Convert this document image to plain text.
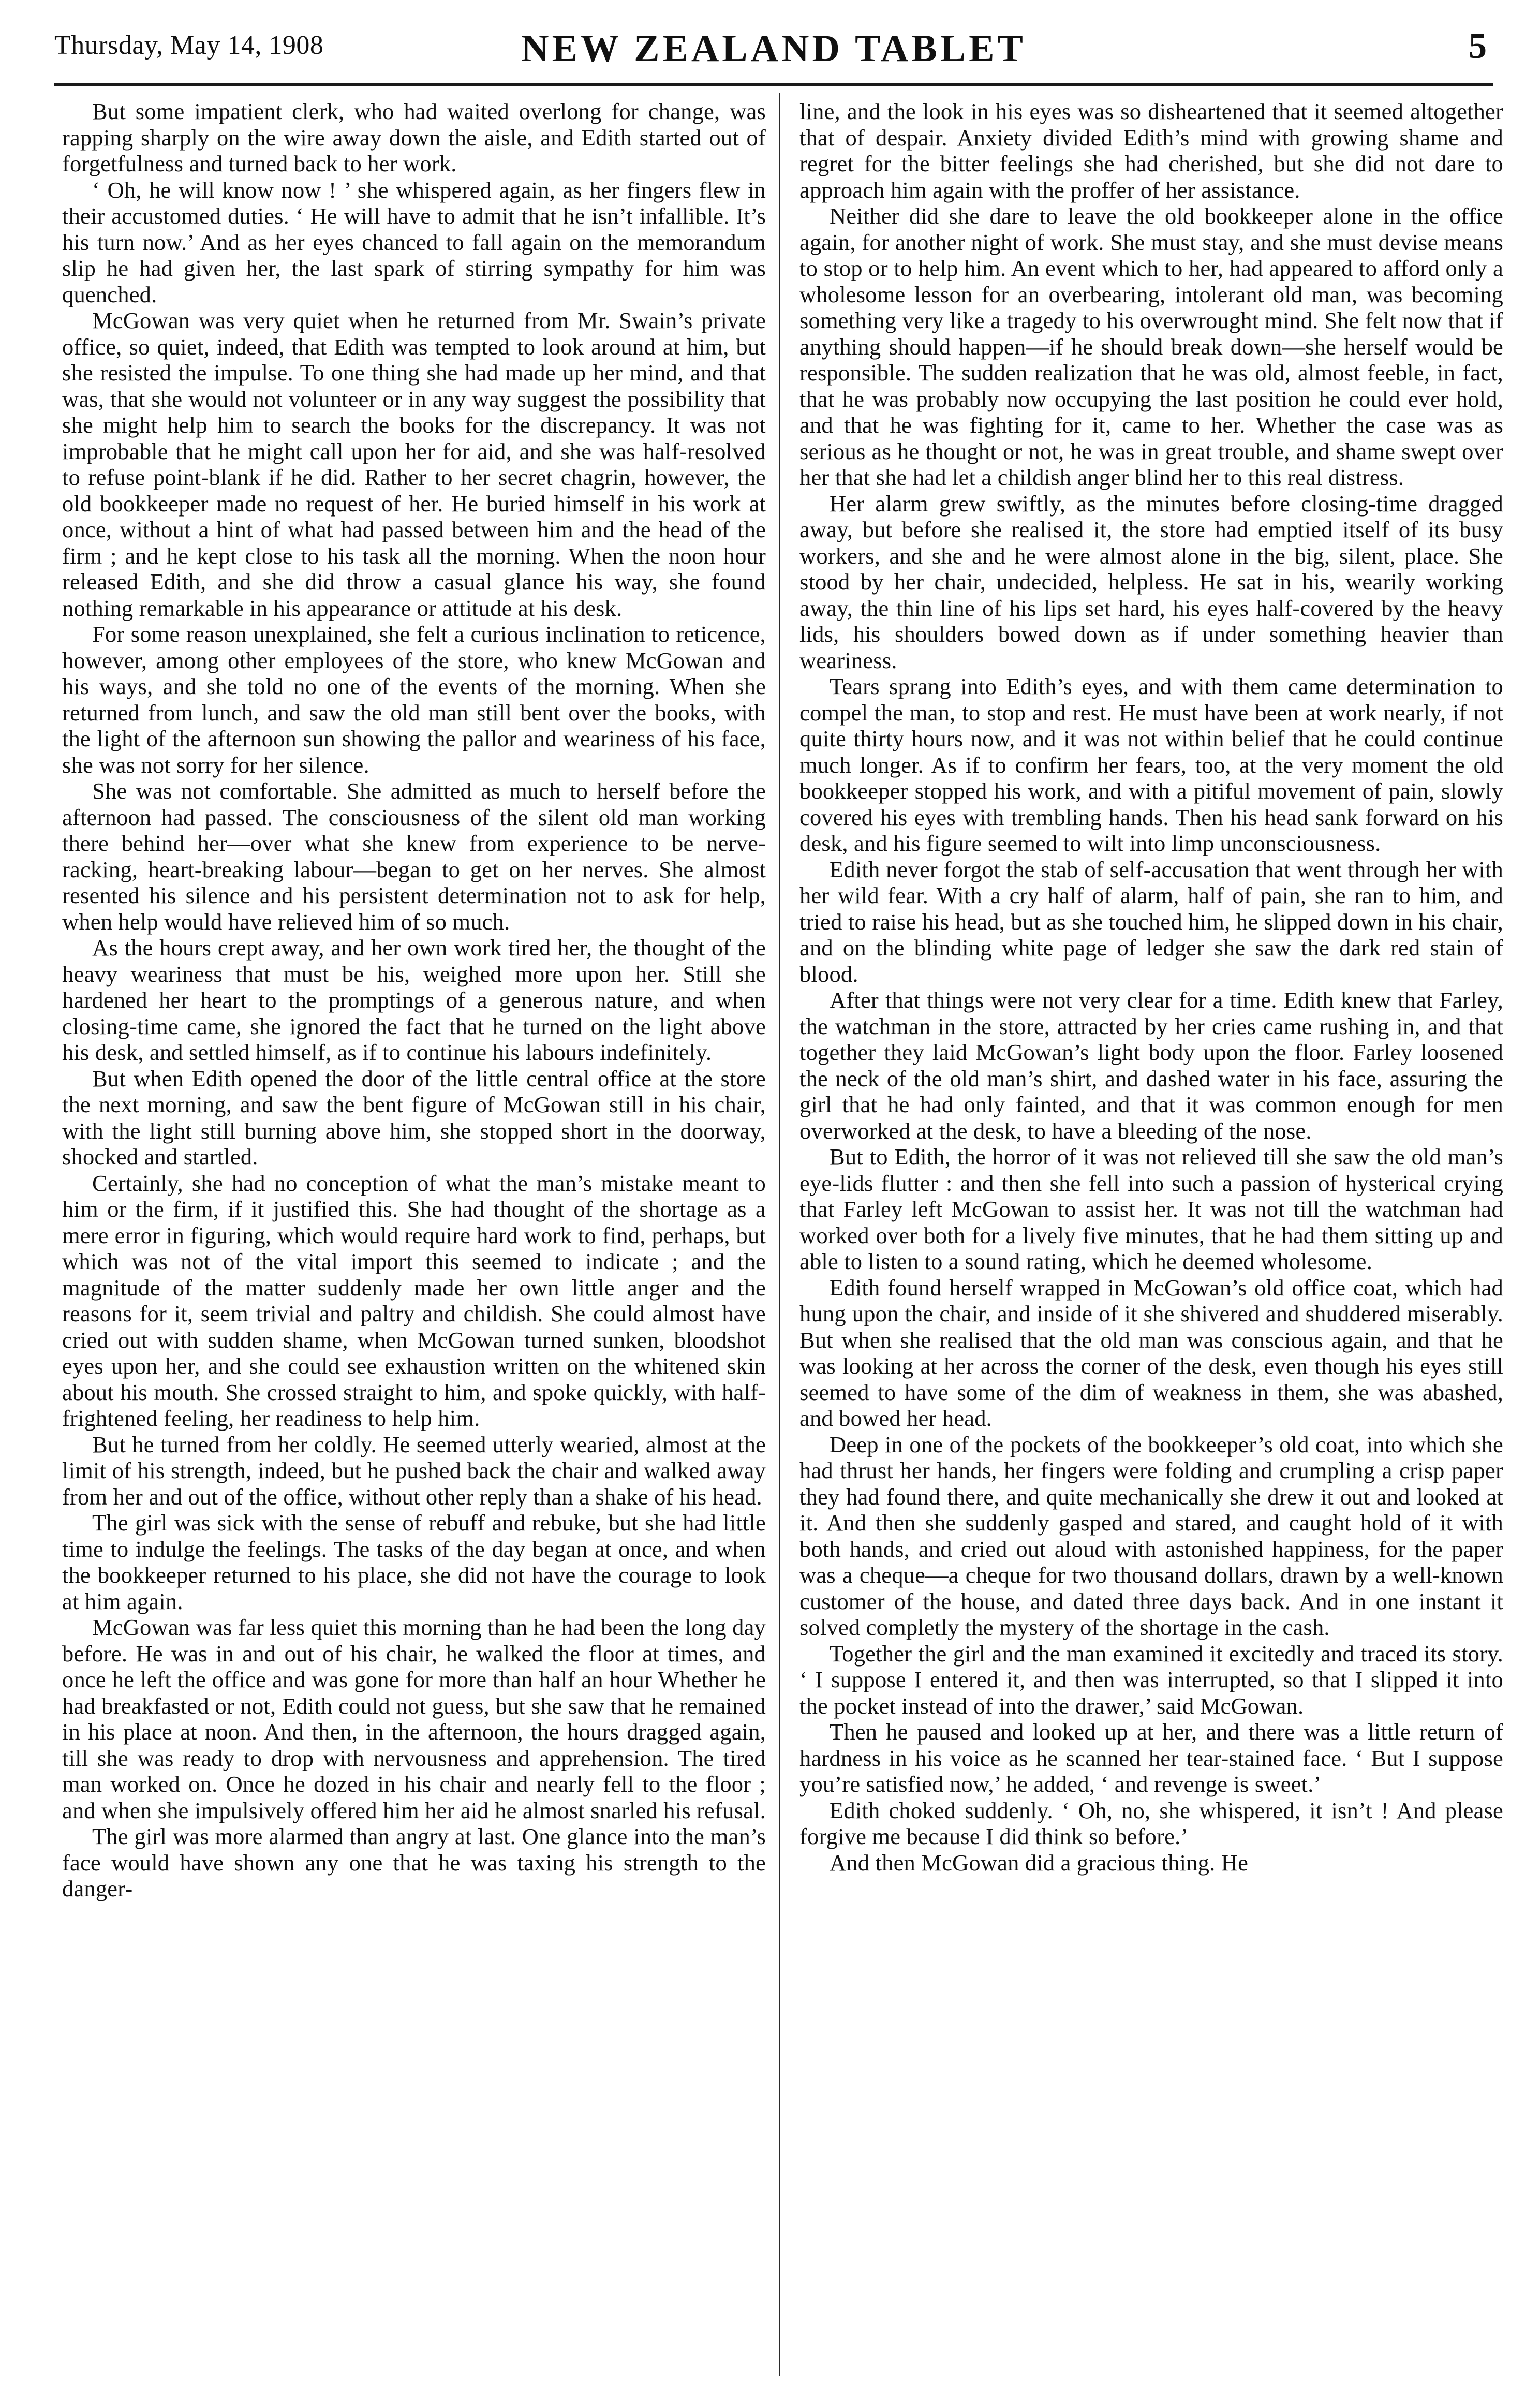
Thursday, May 14, 1908	NEW ZEALAND TABLET	5

But some impatient clerk, who had waited overlong for change, was rapping sharply on the wire away down the aisle, and Edith started out of forgetfulness and turned back to her work.

‘ Oh, he will know now ! ’ she whispered again, as her fingers flew in their accustomed duties. ‘ He will have to admit that he isn’t infallible. It’s his turn now.’ And as her eyes chanced to fall again on the memorandum slip he had given her, the last spark of stirring sympathy for him was quenched.

McGowan was very quiet when he returned from Mr. Swain’s private office, so quiet, indeed, that Edith was tempted to look around at him, but she resisted the impulse. To one thing she had made up her mind, and that was, that she would not volunteer or in any way suggest the possibility that she might help him to search the books for the discrepancy. It was not improbable that he might call upon her for aid, and she was half-resolved to refuse point-blank if he did. Rather to her secret chagrin, however, the old bookkeeper made no request of her. He buried himself in his work at once, without a hint of what had passed between him and the head of the firm ; and he kept close to his task all the morning. When the noon hour released Edith, and she did throw a casual glance his way, she found nothing remarkable in his appearance or attitude at his desk.

For some reason unexplained, she felt a curious inclination to reticence, however, among other employees of the store, who knew McGowan and his ways, and she told no one of the events of the morning. When she returned from lunch, and saw the old man still bent over the books, with the light of the afternoon sun showing the pallor and weariness of his face, she was not sorry for her silence.

She was not comfortable. She admitted as much to herself before the afternoon had passed. The consciousness of the silent old man working there behind her—over what she knew from experience to be nerve-racking, heart-breaking labour—began to get on her nerves. She almost resented his silence and his persistent determination not to ask for help, when help would have relieved him of so much.

As the hours crept away, and her own work tired her, the thought of the heavy weariness that must be his, weighed more upon her. Still she hardened her heart to the promptings of a generous nature, and when closing-time came, she ignored the fact that he turned on the light above his desk, and settled himself, as if to continue his labours indefinitely.

But when Edith opened the door of the little central office at the store the next morning, and saw the bent figure of McGowan still in his chair, with the light still burning above him, she stopped short in the doorway, shocked and startled.

Certainly, she had no conception of what the man’s mistake meant to him or the firm, if it justified this. She had thought of the shortage as a mere error in figuring, which would require hard work to find, perhaps, but which was not of the vital import this seemed to indicate ; and the magnitude of the matter suddenly made her own little anger and the reasons for it, seem trivial and paltry and childish. She could almost have cried out with sudden shame, when McGowan turned sunken, bloodshot eyes upon her, and she could see exhaustion written on the whitened skin about his mouth. She crossed straight to him, and spoke quickly, with half-frightened feeling, her readiness to help him.

But he turned from her coldly. He seemed utterly wearied, almost at the limit of his strength, indeed, but he pushed back the chair and walked away from her and out of the office, without other reply than a shake of his head.

The girl was sick with the sense of rebuff and rebuke, but she had little time to indulge the feelings. The tasks of the day began at once, and when the bookkeeper returned to his place, she did not have the courage to look at him again.

McGowan was far less quiet this morning than he had been the long day before. He was in and out of his chair, he walked the floor at times, and once he left the office and was gone for more than half an hour Whether he had breakfasted or not, Edith could not guess, but she saw that he remained in his place at noon. And then, in the afternoon, the hours dragged again, till she was ready to drop with nervousness and apprehension. The tired man worked on. Once he dozed in his chair and nearly fell to the floor ; and when she impulsively offered him her aid he almost snarled his refusal.

The girl was more alarmed than angry at last. One glance into the man’s face would have shown any one that he was taxing his strength to the danger-

line, and the look in his eyes was so disheartened that it seemed altogether that of despair. Anxiety divided Edith’s mind with growing shame and regret for the bitter feelings she had cherished, but she did not dare to approach him again with the proffer of her assistance.

Neither did she dare to leave the old bookkeeper alone in the office again, for another night of work. She must stay, and she must devise means to stop or to help him. An event which to her, had appeared to afford only a wholesome lesson for an overbearing, intolerant old man, was becoming something very like a tragedy to his overwrought mind. She felt now that if anything should happen—if he should break down—she herself would be responsible. The sudden realization that he was old, almost feeble, in fact, that he was probably now occupying the last position he could ever hold, and that he was fighting for it, came to her. Whether the case was as serious as he thought or not, he was in great trouble, and shame swept over her that she had let a childish anger blind her to this real distress.

Her alarm grew swiftly, as the minutes before closing-time dragged away, but before she realised it, the store had emptied itself of its busy workers, and she and he were almost alone in the big, silent, place. She stood by her chair, undecided, helpless. He sat in his, wearily working away, the thin line of his lips set hard, his eyes half-covered by the heavy lids, his shoulders bowed down as if under something heavier than weariness.

Tears sprang into Edith’s eyes, and with them came determination to compel the man, to stop and rest. He must have been at work nearly, if not quite thirty hours now, and it was not within belief that he could continue much longer. As if to confirm her fears, too, at the very moment the old bookkeeper stopped his work, and with a pitiful movement of pain, slowly covered his eyes with trembling hands. Then his head sank forward on his desk, and his figure seemed to wilt into limp unconsciousness.

Edith never forgot the stab of self-accusation that went through her with her wild fear. With a cry half of alarm, half of pain, she ran to him, and tried to raise his head, but as she touched him, he slipped down in his chair, and on the blinding white page of ledger she saw the dark red stain of blood.

After that things were not very clear for a time. Edith knew that Farley, the watchman in the store, attracted by her cries came rushing in, and that together they laid McGowan’s light body upon the floor. Farley loosened the neck of the old man’s shirt, and dashed water in his face, assuring the girl that he had only fainted, and that it was common enough for men overworked at the desk, to have a bleeding of the nose.

But to Edith, the horror of it was not relieved till she saw the old man’s eye-lids flutter : and then she fell into such a passion of hysterical crying that Farley left McGowan to assist her. It was not till the watchman had worked over both for a lively five minutes, that he had them sitting up and able to listen to a sound rating, which he deemed wholesome.

Edith found herself wrapped in McGowan’s old office coat, which had hung upon the chair, and inside of it she shivered and shuddered miserably. But when she realised that the old man was conscious again, and that he was looking at her across the corner of the desk, even though his eyes still seemed to have some of the dim of weakness in them, she was abashed, and bowed her head.

Deep in one of the pockets of the bookkeeper’s old coat, into which she had thrust her hands, her fingers were folding and crumpling a crisp paper they had found there, and quite mechanically she drew it out and looked at it. And then she suddenly gasped and stared, and caught hold of it with both hands, and cried out aloud with astonished happiness, for the paper was a cheque—a cheque for two thousand dollars, drawn by a well-known customer of the house, and dated three days back. And in one instant it solved completly the mystery of the shortage in the cash.

Together the girl and the man examined it excitedly and traced its story. ‘ I suppose I entered it, and then was interrupted, so that I slipped it into the pocket instead of into the drawer,’ said McGowan.

Then he paused and looked up at her, and there was a little return of hardness in his voice as he scanned her tear-stained face. ‘ But I suppose you’re satisfied now,’ he added, ‘ and revenge is sweet.’

Edith choked suddenly. ‘ Oh, no, she whispered, it isn’t ! And please forgive me because I did think so before.’

And then McGowan did a gracious thing. He
